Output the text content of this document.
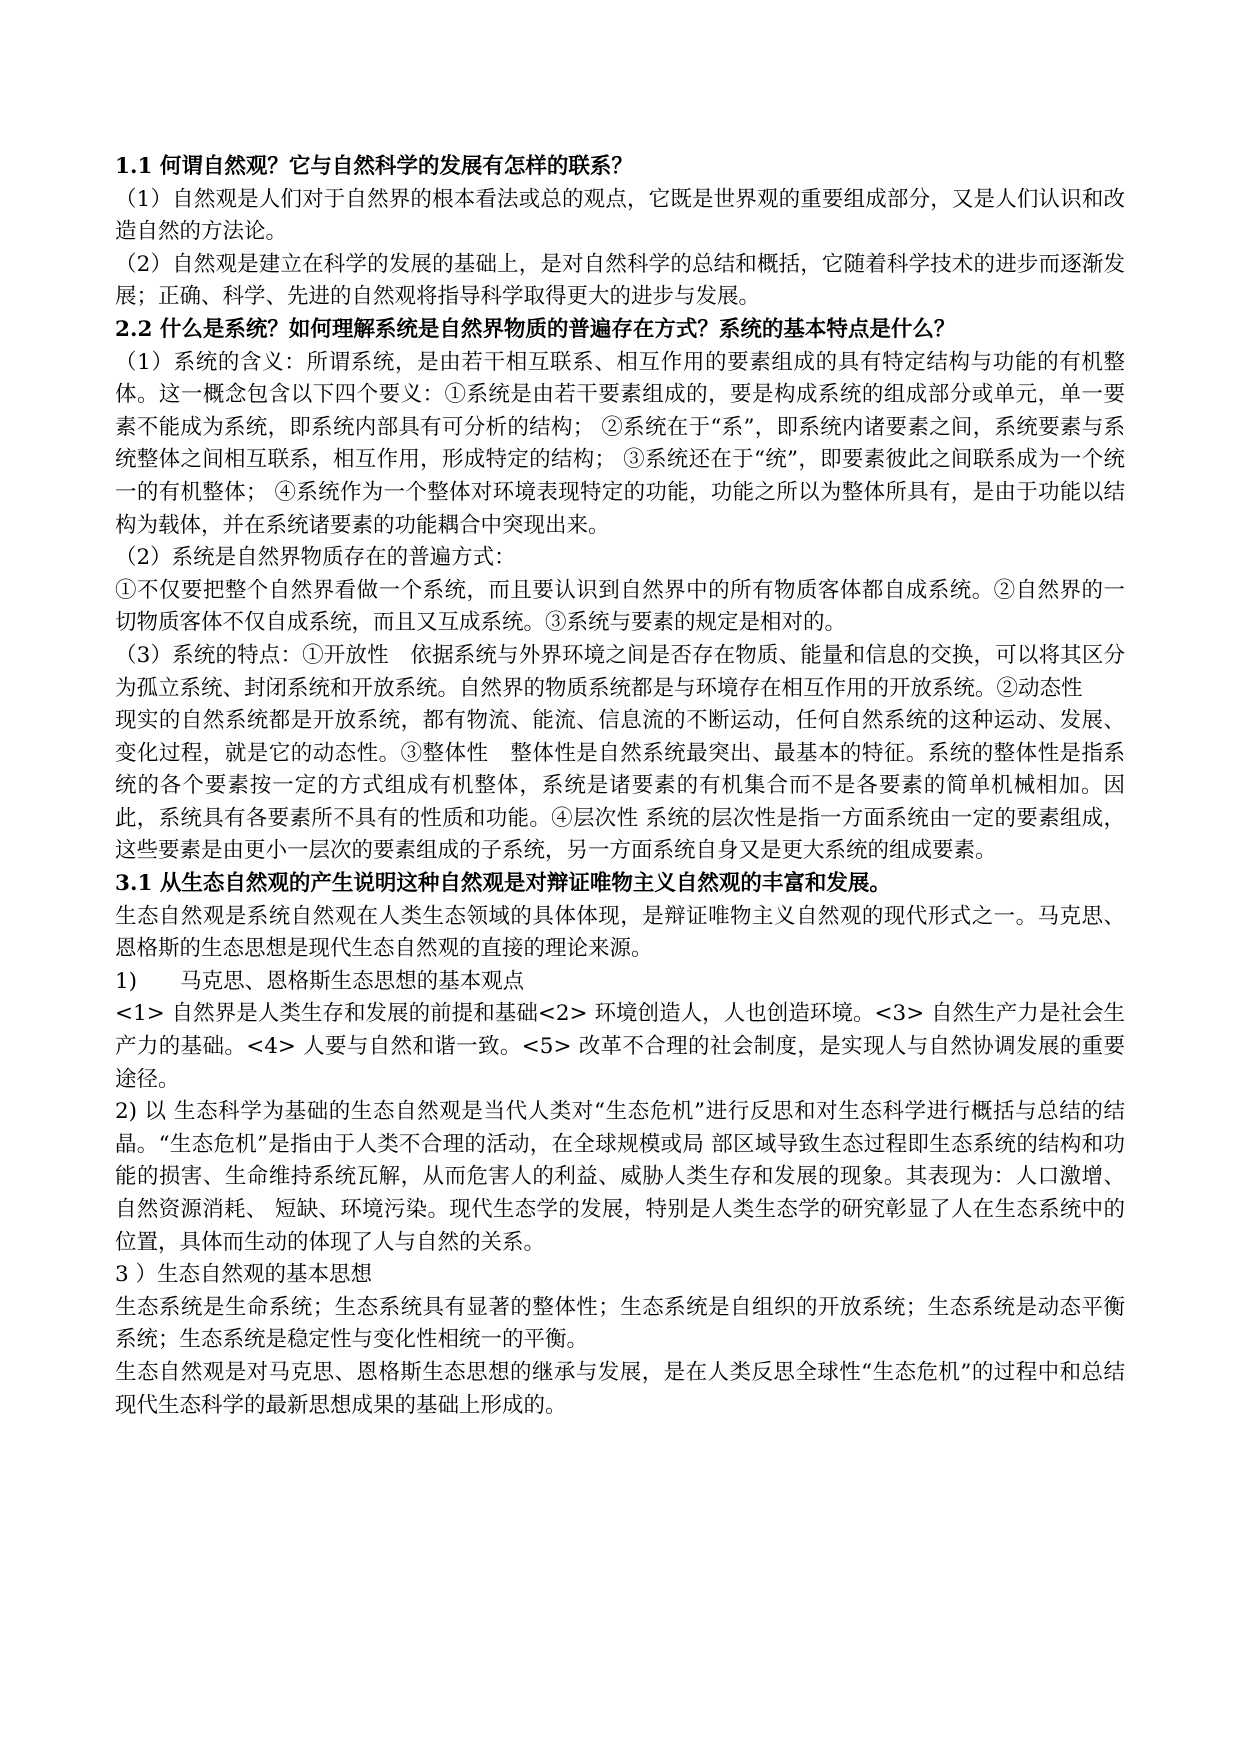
1.1 何谓自然观？它与自然科学的发展有怎样的联系？

（1）自然观是人们对于自然界的根本看法或总的观点，它既是世界观的重要组成部分，又是人们认识和改造自然的方法论。

（2）自然观是建立在科学的发展的基础上，是对自然科学的总结和概括，它随着科学技术的进步而逐渐发展；正确、科学、先进的自然观将指导科学取得更大的进步与发展。

2.2 什么是系统？如何理解系统是自然界物质的普遍存在方式？系统的基本特点是什么？

（1）系统的含义：所谓系统，是由若干相互联系、相互作用的要素组成的具有特定结构与功能的有机整体。这一概念包含以下四个要义：①系统是由若干要素组成的，要是构成系统的组成部分或单元，单一要素不能成为系统，即系统内部具有可分析的结构； ②系统在于“系”，即系统内诸要素之间，系统要素与系统整体之间相互联系，相互作用，形成特定的结构； ③系统还在于“统”，即要素彼此之间联系成为一个统一的有机整体； ④系统作为一个整体对环境表现特定的功能，功能之所以为整体所具有，是由于功能以结构为载体，并在系统诸要素的功能耦合中突现出来。

（2）系统是自然界物质存在的普遍方式：

①不仅要把整个自然界看做一个系统，而且要认识到自然界中的所有物质客体都自成系统。②自然界的一切物质客体不仅自成系统，而且又互成系统。③系统与要素的规定是相对的。

（3）系统的特点：①开放性　依据系统与外界环境之间是否存在物质、能量和信息的交换，可以将其区分为孤立系统、封闭系统和开放系统。自然界的物质系统都是与环境存在相互作用的开放系统。②动态性

现实的自然系统都是开放系统，都有物流、能流、信息流的不断运动，任何自然系统的这种运动、发展、变化过程，就是它的动态性。③整体性　整体性是自然系统最突出、最基本的特征。系统的整体性是指系统的各个要素按一定的方式组成有机整体，系统是诸要素的有机集合而不是各要素的简单机械相加。因此，系统具有各要素所不具有的性质和功能。④层次性 系统的层次性是指一方面系统由一定的要素组成，这些要素是由更小一层次的要素组成的子系统，另一方面系统自身又是更大系统的组成要素。

3.1 从生态自然观的产生说明这种自然观是对辩证唯物主义自然观的丰富和发展。

生态自然观是系统自然观在人类生态领域的具体体现，是辩证唯物主义自然观的现代形式之一。马克思、恩格斯的生态思想是现代生态自然观的直接的理论来源。

1)　　马克思、恩格斯生态思想的基本观点

<1> 自然界是人类生存和发展的前提和基础<2> 环境创造人，人也创造环境。<3> 自然生产力是社会生产力的基础。<4> 人要与自然和谐一致。<5> 改革不合理的社会制度，是实现人与自然协调发展的重要途径。

2) 以 生态科学为基础的生态自然观是当代人类对“生态危机”进行反思和对生态科学进行概括与总结的结晶。“生态危机”是指由于人类不合理的活动，在全球规模或局 部区域导致生态过程即生态系统的结构和功能的损害、生命维持系统瓦解，从而危害人的利益、威胁人类生存和发展的现象。其表现为：人口激增、自然资源消耗、 短缺、环境污染。现代生态学的发展，特别是人类生态学的研究彰显了人在生态系统中的位置，具体而生动的体现了人与自然的关系。

3 ）生态自然观的基本思想

生态系统是生命系统；生态系统具有显著的整体性；生态系统是自组织的开放系统；生态系统是动态平衡系统；生态系统是稳定性与变化性相统一的平衡。

生态自然观是对马克思、恩格斯生态思想的继承与发展，是在人类反思全球性“生态危机”的过程中和总结现代生态科学的最新思想成果的基础上形成的。
